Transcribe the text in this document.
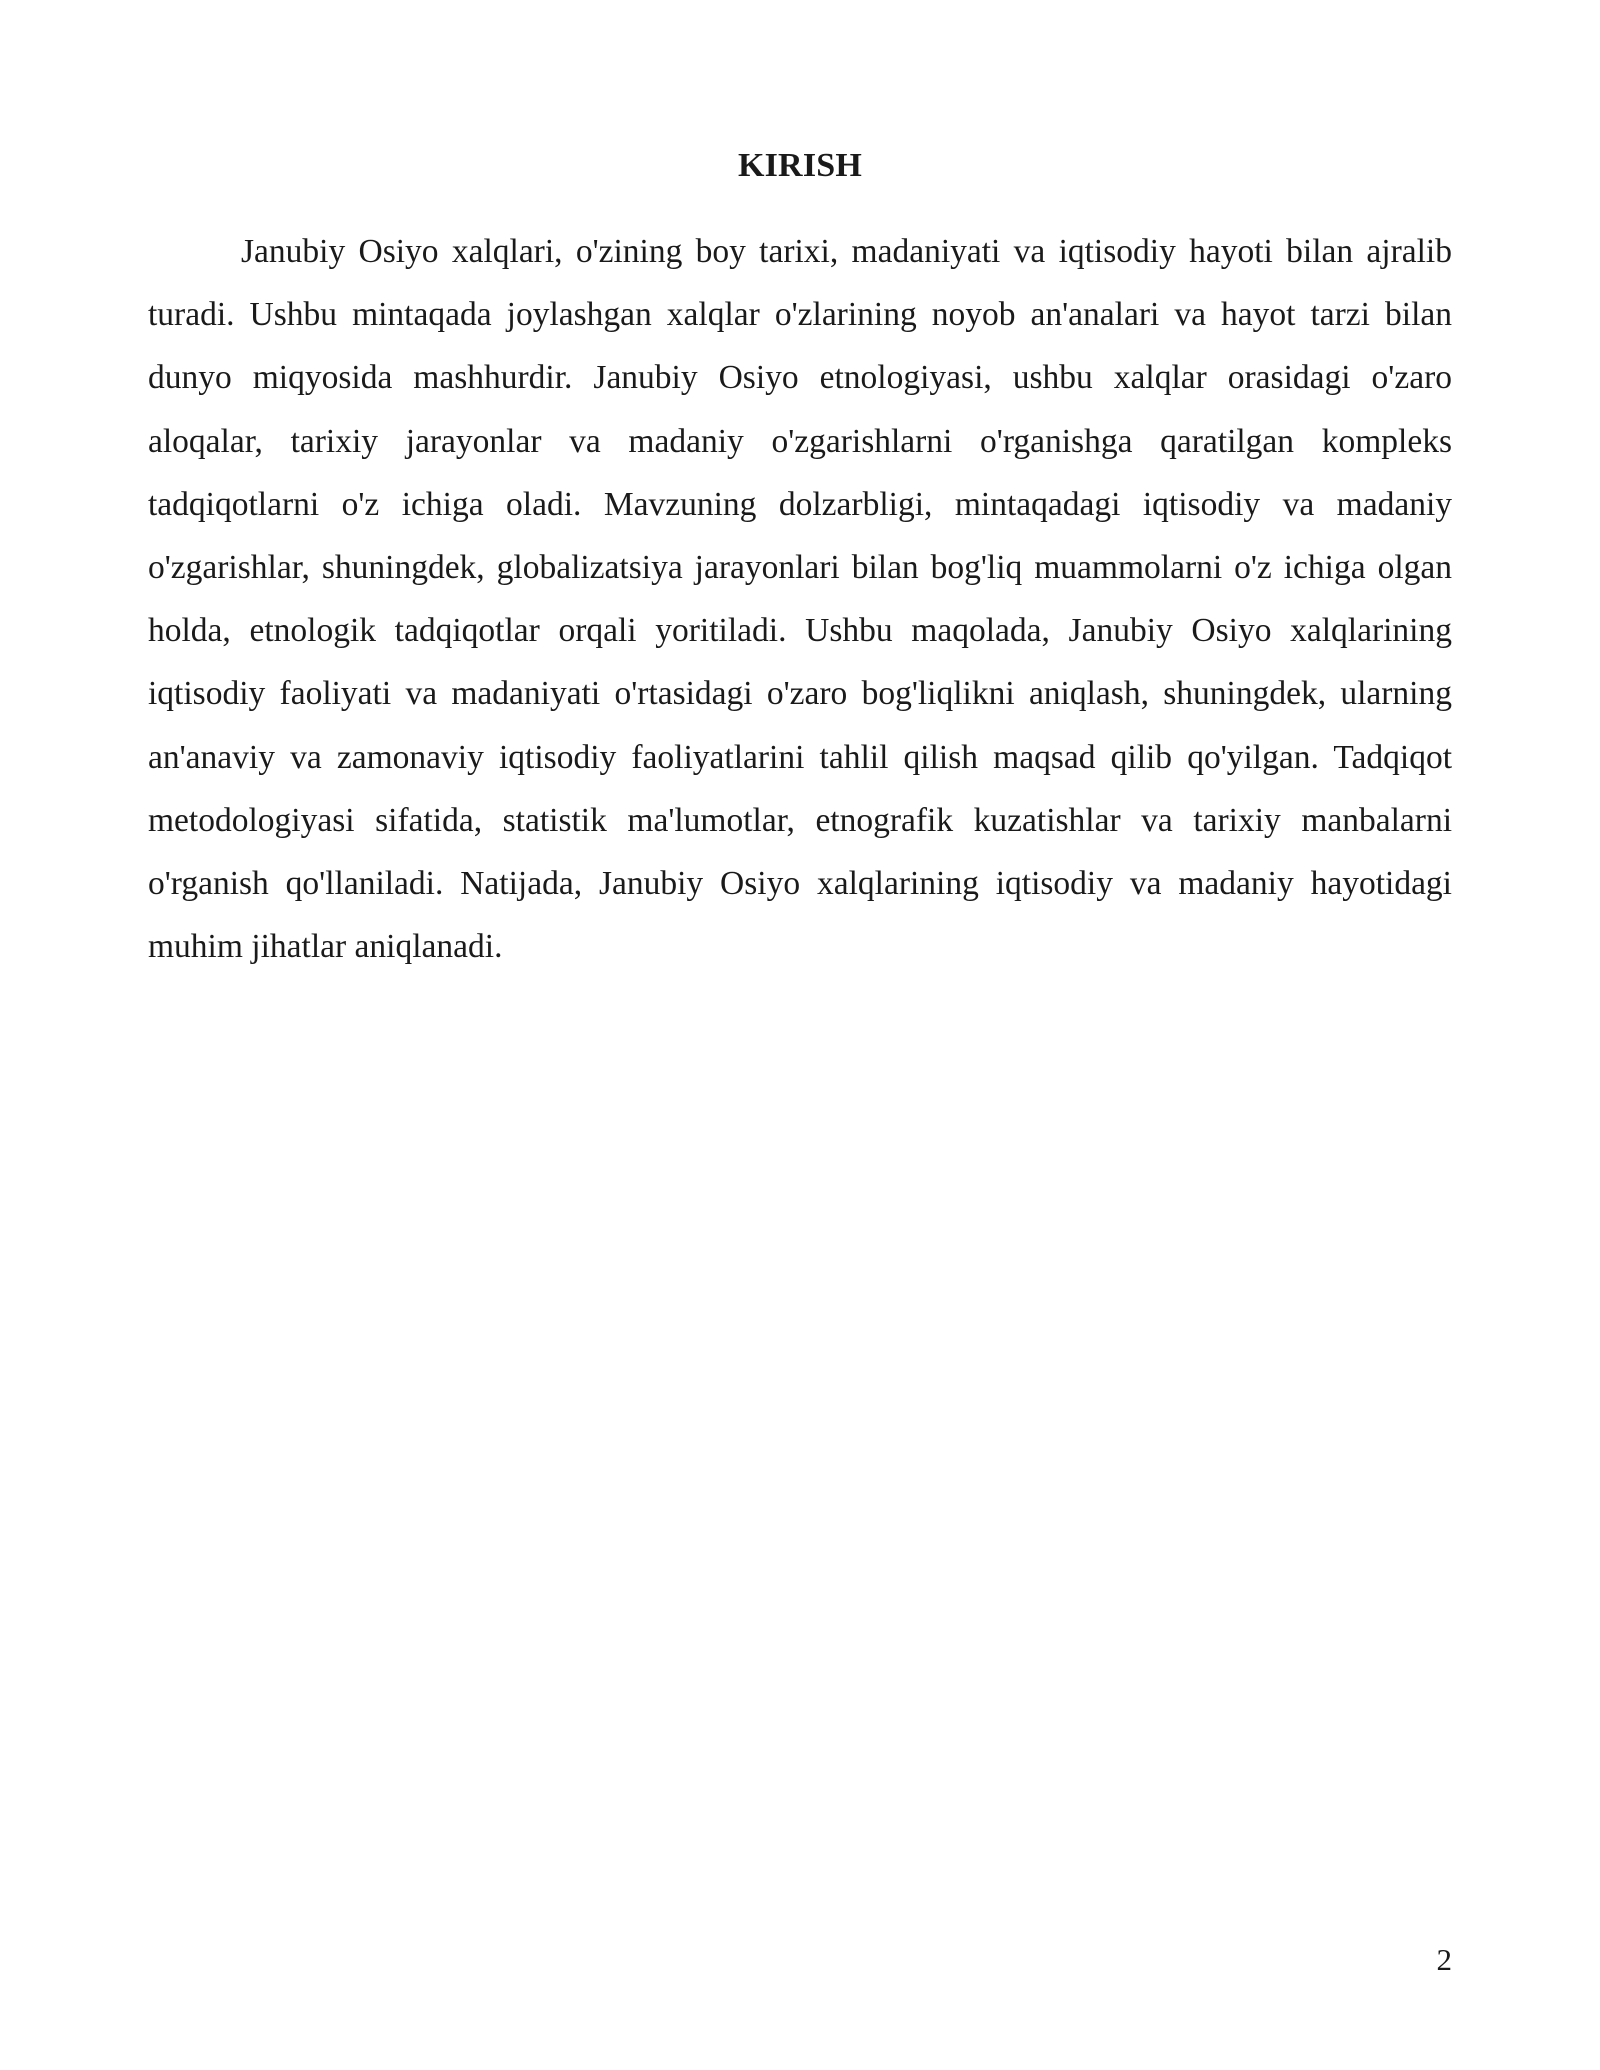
KIRISH

Janubiy Osiyo xalqlari, o'zining boy tarixi, madaniyati va iqtisodiy hayoti bilan ajralib turadi. Ushbu mintaqada joylashgan xalqlar o'zlarining noyob an'analari va hayot tarzi bilan dunyo miqyosida mashhurdir. Janubiy Osiyo etnologiyasi, ushbu xalqlar orasidagi o'zaro aloqalar, tarixiy jarayonlar va madaniy o'zgarishlarni o'rganishga qaratilgan kompleks tadqiqotlarni o'z ichiga oladi. Mavzuning dolzarbligi, mintaqadagi iqtisodiy va madaniy o'zgarishlar, shuningdek, globalizatsiya jarayonlari bilan bog'liq muammolarni o'z ichiga olgan holda, etnologik tadqiqotlar orqali yoritiladi. Ushbu maqolada, Janubiy Osiyo xalqlarining iqtisodiy faoliyati va madaniyati o'rtasidagi o'zaro bog'liqlikni aniqlash, shuningdek, ularning an'anaviy va zamonaviy iqtisodiy faoliyatlarini tahlil qilish maqsad qilib qo'yilgan. Tadqiqot metodologiyasi sifatida, statistik ma'lumotlar, etnografik kuzatishlar va tarixiy manbalarni o'rganish qo'llaniladi. Natijada, Janubiy Osiyo xalqlarining iqtisodiy va madaniy hayotidagi muhim jihatlar aniqlanadi.

2
